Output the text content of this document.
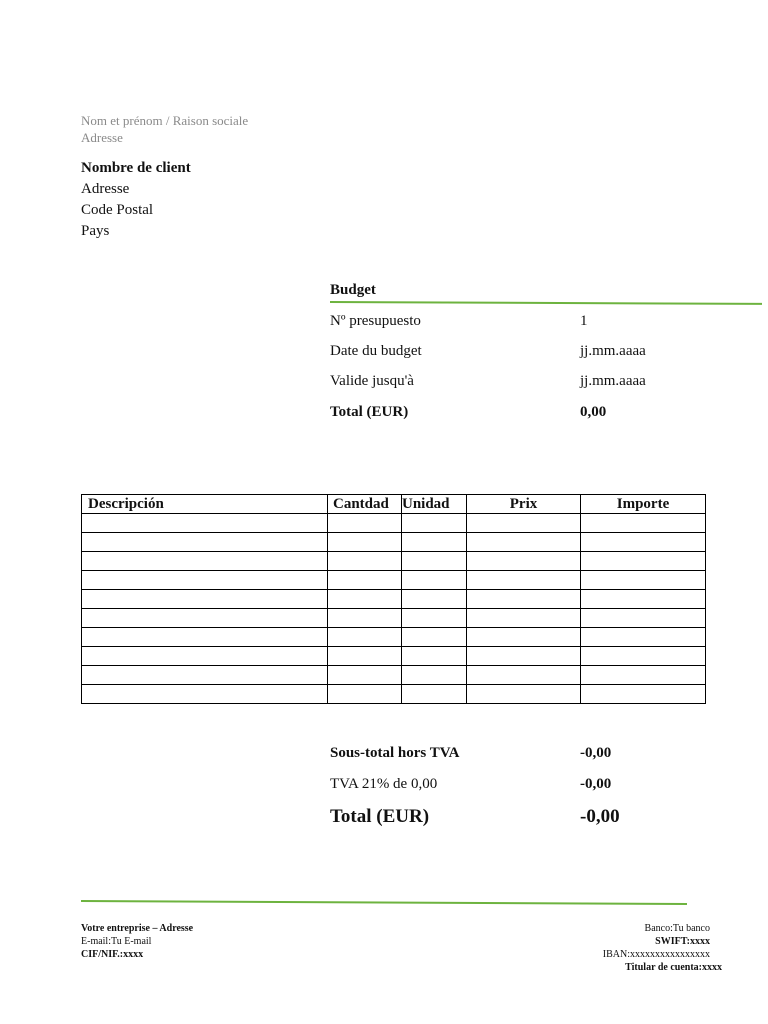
Nom et prénom / Raison sociale
Adresse
Nombre de client
Adresse
Code Postal
Pays
Budget
Nº presupuesto	1
Date du budget	jj.mm.aaaa
Valide jusqu'à	jj.mm.aaaa
Total (EUR)	0,00
Descripción	Cantdad	Unidad	Prix	Importe

Sous-total hors TVA	-0,00
TVA 21% de 0,00	-0,00
Total (EUR)	-0,00
Votre entreprise – Adresse
E-mail:Tu E-mail
CIF/NIF.:xxxx
Banco:Tu banco
SWIFT:xxxx
IBAN:xxxxxxxxxxxxxxxx
Titular de cuenta:xxxx
